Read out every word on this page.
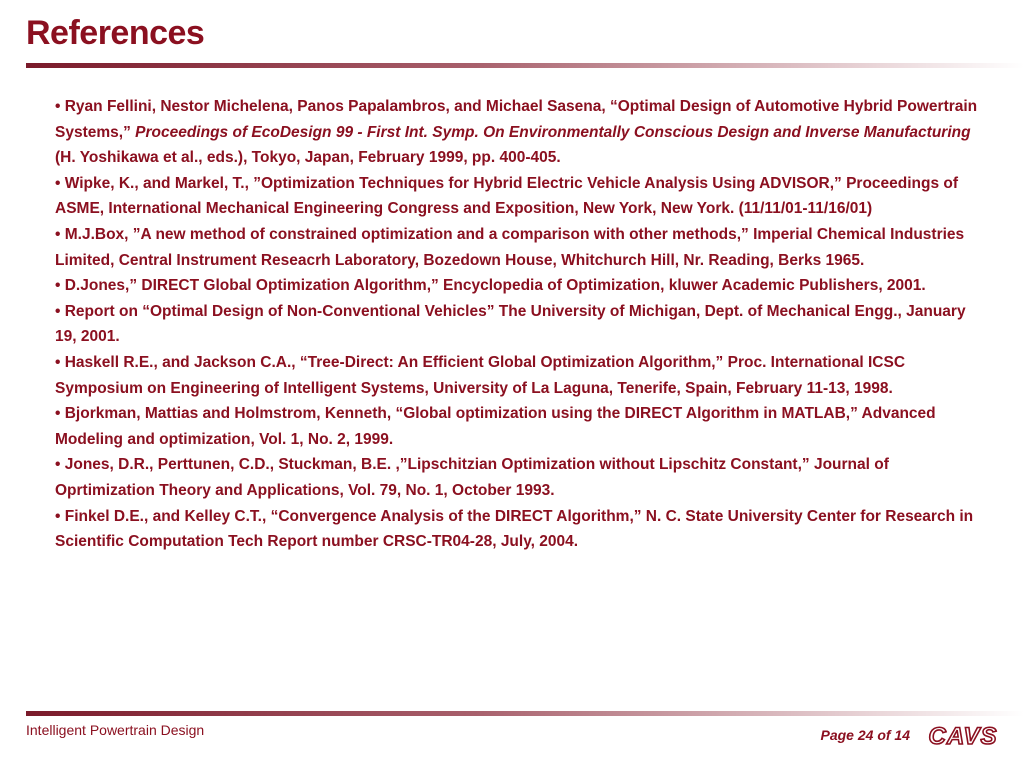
References

• Ryan Fellini, Nestor Michelena, Panos Papalambros, and Michael Sasena, “Optimal Design of Automotive Hybrid Powertrain Systems,” Proceedings of EcoDesign 99 - First Int. Symp. On Environmentally Conscious Design and Inverse Manufacturing (H. Yoshikawa et al., eds.), Tokyo, Japan, February 1999, pp. 400-405.

• Wipke, K., and Markel, T., ”Optimization Techniques for Hybrid Electric Vehicle Analysis Using ADVISOR,” Proceedings of ASME, International Mechanical Engineering Congress and Exposition, New York, New York. (11/11/01-11/16/01)

• M.J.Box, ”A new method of constrained optimization and a comparison with other methods,” Imperial Chemical Industries Limited, Central Instrument Reseacrh Laboratory, Bozedown House, Whitchurch Hill, Nr. Reading, Berks 1965.

• D.Jones,” DIRECT Global Optimization Algorithm,” Encyclopedia of Optimization, kluwer Academic Publishers, 2001.

• Report on “Optimal Design of Non-Conventional Vehicles” The University of Michigan, Dept. of Mechanical Engg., January 19, 2001.

• Haskell R.E., and Jackson C.A., “Tree-Direct: An Efficient Global Optimization Algorithm,” Proc. International ICSC Symposium on Engineering of Intelligent Systems, University of La Laguna, Tenerife, Spain, February 11-13, 1998.

• Bjorkman, Mattias and Holmstrom, Kenneth, “Global optimization using the DIRECT Algorithm in MATLAB,” Advanced Modeling and optimization, Vol. 1, No. 2, 1999.

• Jones, D.R., Perttunen, C.D., Stuckman, B.E. ,”Lipschitzian Optimization without Lipschitz Constant,” Journal of Oprtimization Theory and Applications, Vol. 79, No. 1, October 1993.

• Finkel D.E., and Kelley C.T., “Convergence Analysis of the DIRECT Algorithm,” N. C. State University Center for Research in Scientific Computation Tech Report number CRSC-TR04-28, July, 2004.

Intelligent Powertrain Design	Page 24 of 14 CAVS
